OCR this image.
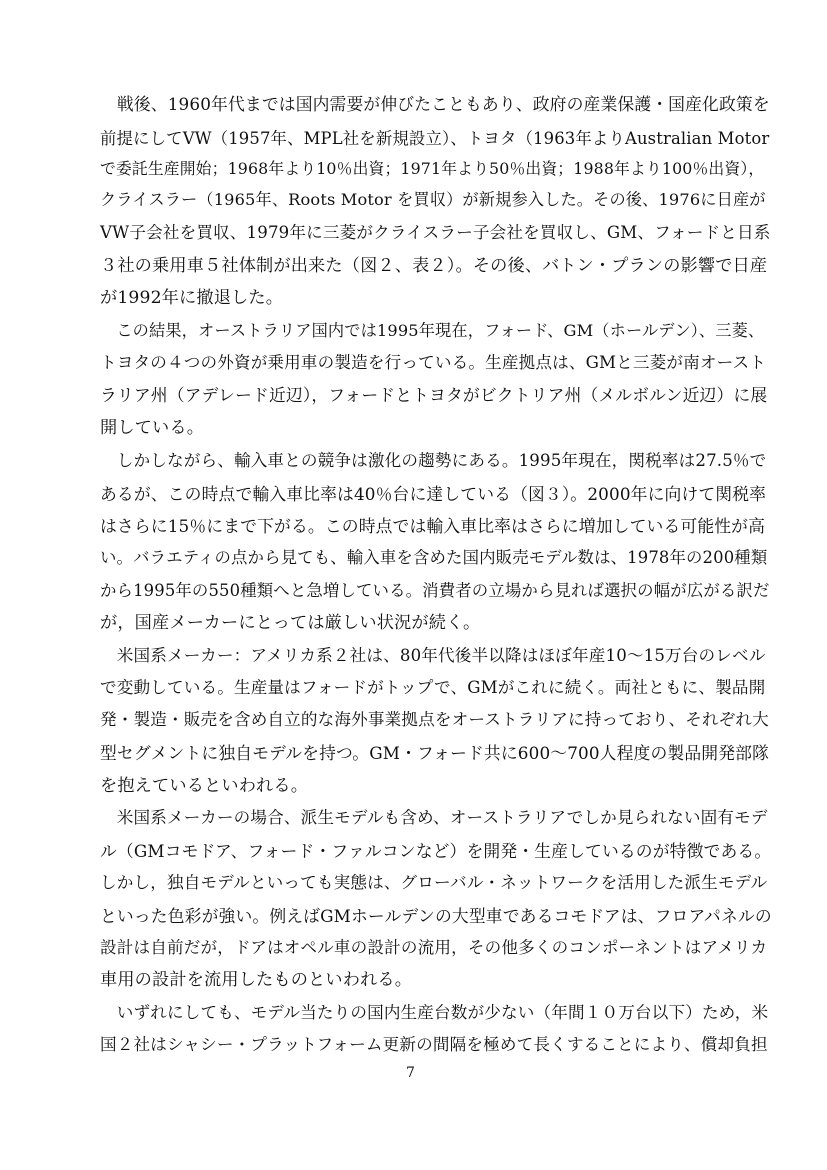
　戦後、1960年代までは国内需要が伸びたこともあり、政府の産業保護・国産化政策を
前提にしてVW（1957年、MPL社を新規設立）、トヨタ（1963年よりAustralian Motor
で委託生産開始；1968年より10％出資；1971年より50％出資；1988年より100％出資），
クライスラー（1965年、Roots Motor を買収）が新規参入した。その後、1976に日産が
VW子会社を買収、1979年に三菱がクライスラー子会社を買収し、GM、フォードと日系
３社の乗用車５社体制が出来た（図２、表２）。その後、バトン・プランの影響で日産
が1992年に撤退した。
　この結果，オーストラリア国内では1995年現在，フォード、GM（ホールデン）、三菱、
トヨタの４つの外資が乗用車の製造を行っている。生産拠点は、GMと三菱が南オースト
ラリア州（アデレード近辺），フォードとトヨタがビクトリア州（メルボルン近辺）に展
開している。
　しかしながら、輸入車との競争は激化の趨勢にある。1995年現在，関税率は27.5％で
あるが、この時点で輸入車比率は40％台に達している（図３）。2000年に向けて関税率
はさらに15％にまで下がる。この時点では輸入車比率はさらに増加している可能性が高
い。バラエティの点から見ても、輸入車を含めた国内販売モデル数は、1978年の200種類
から1995年の550種類へと急増している。消費者の立場から見れば選択の幅が広がる訳だ
が，国産メーカーにとっては厳しい状況が続く。
　米国系メーカー：アメリカ系２社は、80年代後半以降はほぼ年産10～15万台のレベル
で変動している。生産量はフォードがトップで、GMがこれに続く。両社ともに、製品開
発・製造・販売を含め自立的な海外事業拠点をオーストラリアに持っており、それぞれ大
型セグメントに独自モデルを持つ。GM・フォード共に600～700人程度の製品開発部隊
を抱えているといわれる。
　米国系メーカーの場合、派生モデルも含め、オーストラリアでしか見られない固有モデ
ル（GMコモドア、フォード・ファルコンなど）を開発・生産しているのが特徴である。
しかし，独自モデルといっても実態は、グローバル・ネットワークを活用した派生モデル
といった色彩が強い。例えばGMホールデンの大型車であるコモドアは、フロアパネルの
設計は自前だが，ドアはオペル車の設計の流用，その他多くのコンポーネントはアメリカ
車用の設計を流用したものといわれる。
　いずれにしても、モデル当たりの国内生産台数が少ない（年間１０万台以下）ため，米
国２社はシャシー・プラットフォーム更新の間隔を極めて長くすることにより、償却負担
7
